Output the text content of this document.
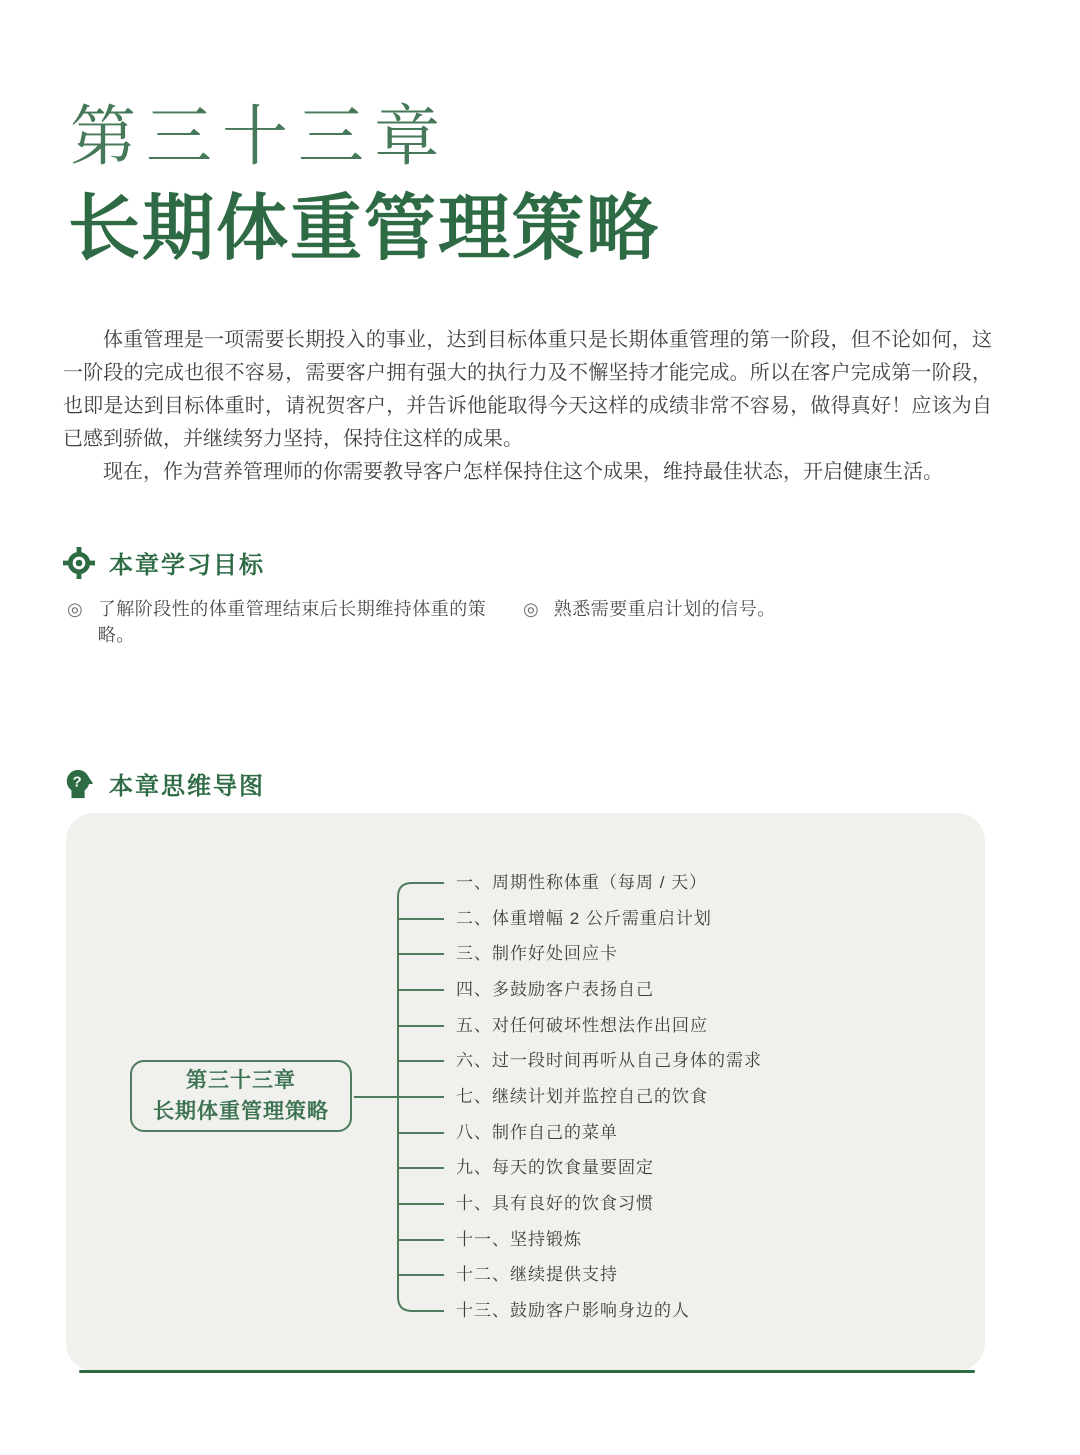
第三十三章
长期体重管理策略

体重管理是一项需要长期投入的事业，达到目标体重只是长期体重管理的第一阶段，但不论如何，这一阶段的完成也很不容易，需要客户拥有强大的执行力及不懈坚持才能完成。所以在客户完成第一阶段，也即是达到目标体重时，请祝贺客户，并告诉他能取得今天这样的成绩非常不容易，做得真好！应该为自已感到骄做，并继续努力坚持，保持住这样的成果。

现在，作为营养管理师的你需要教导客户怎样保持住这个成果，维持最佳状态，开启健康生活。

本章学习目标
◎ 了解阶段性的体重管理结束后长期维持体重的策略。
◎ 熟悉需要重启计划的信号。
? 本章思维导图
第三十三章
长期体重管理策略
一、周期性称体重（每周 / 天）
二、体重增幅 2 公斤需重启计划
三、制作好处回应卡
四、多鼓励客户表扬自己
五、对任何破坏性想法作出回应
六、过一段时间再听从自己身体的需求
七、继续计划并监控自己的饮食
八、制作自己的菜单
九、每天的饮食量要固定
十、具有良好的饮食习惯
十一、坚持锻炼
十二、继续提供支持
十三、鼓励客户影响身边的人
